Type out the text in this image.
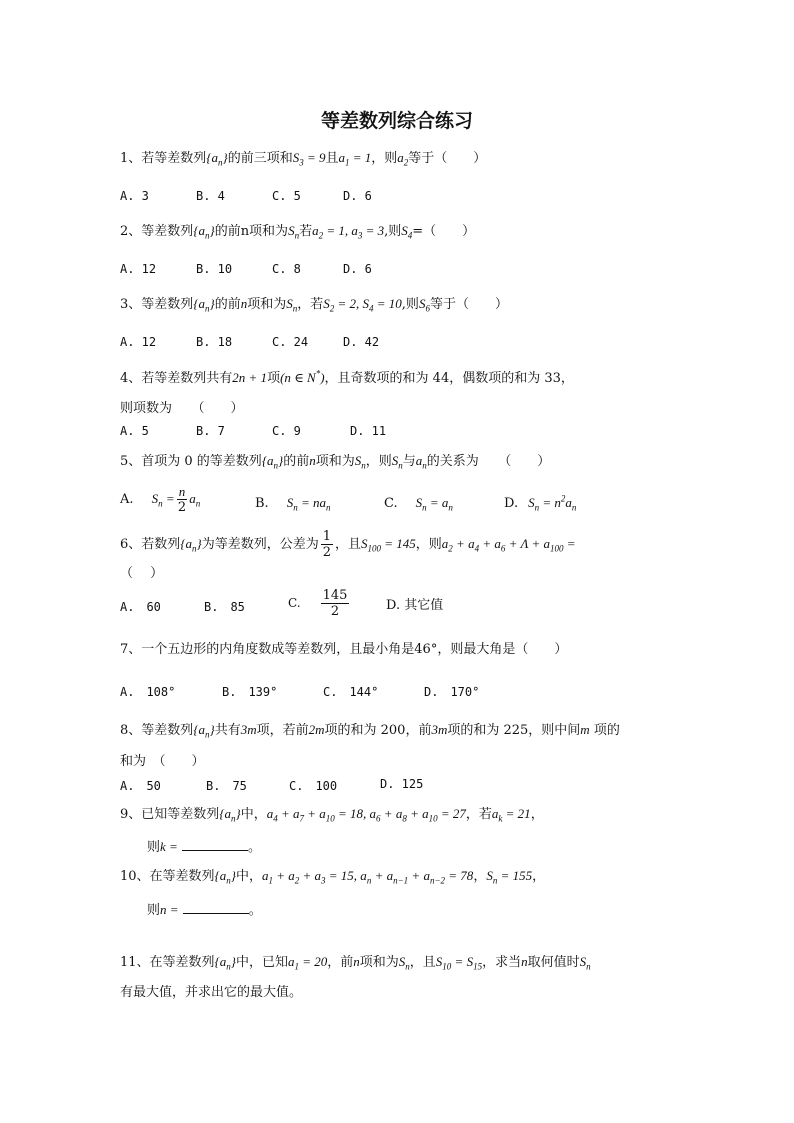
等差数列综合练习
1、若等差数列$\{a_n\}$的前三项和$S_3 = 9$且$a_1 = 1$，则$a_2$等于（　　）
A. 3	B. 4	C. 5	D. 6
2、等差数列$\{a_n\}$的前n项和为$S_n$若$a_2 = 1$, $a_3 = 3$,则$S_4=$（　　）
A. 12	B. 10	C. 8	D. 6
3、等差数列$\{a_n\}$的前n项和为$S_n$，若$S_2 = 2$, $S_4 = 10$,则$S_6$等于（　　）
A. 12	B. 18	C. 24	D. 42
4、若等差数列共有2n + 1项(n ∈ N*)，且奇数项的和为 44，偶数项的和为 33，
则项数为　　（　　）
A. 5	B. 7	C. 9	D. 11
5、首项为 0 的等差数列$\{a_n\}$的前n项和为$S_n$，则$S_n$与$a_n$的关系为　　（　　）
A. $S_n = \frac{n}{2} a_n$	B. $S_n = na_n$	C. $S_n = a_n$	D. $S_n = n^2a_n$
6、若数列$\{a_n\}$为等差数列，公差为 $\frac{1}{2}$ ，且$S_{100} = 145$，则$a_2 + a_4 + a_6 + \Lambda + a_{100}$ =
（　 ）
A.　60	B.　85	C. $\frac{145}{2}$	D. 其它值
7、一个五边形的内角度数成等差数列，且最小角是46°，则最大角是（　　）
A.　108°	B.　139°	C.　144°	D.　170°
8、等差数列$\{a_n\}$共有3m项，若前2m项的和为 200，前3m项的和为 225，则中间m 项的
和为　（　　）
A.　50	B.　75	C.　100	D. 125
9、已知等差数列$\{a_n\}$中，$a_4 + a_7 + a_{10} = 18$, $a_6 + a_8 + a_{10} = 27$，若$a_k = 21$，
则k =	。
10、在等差数列$\{a_n\}$中，$a_1 + a_2 + a_3 = 15$, $a_n + a_{n-1} + a_{n-2} = 78$，$S_n = 155$，
则n =	。
11、在等差数列$\{a_n\}$中，已知$a_1 = 20$，前n项和为$S_n$，且$S_{10} = S_{15}$，求当n取何值时$S_n$
有最大值，并求出它的最大值。
